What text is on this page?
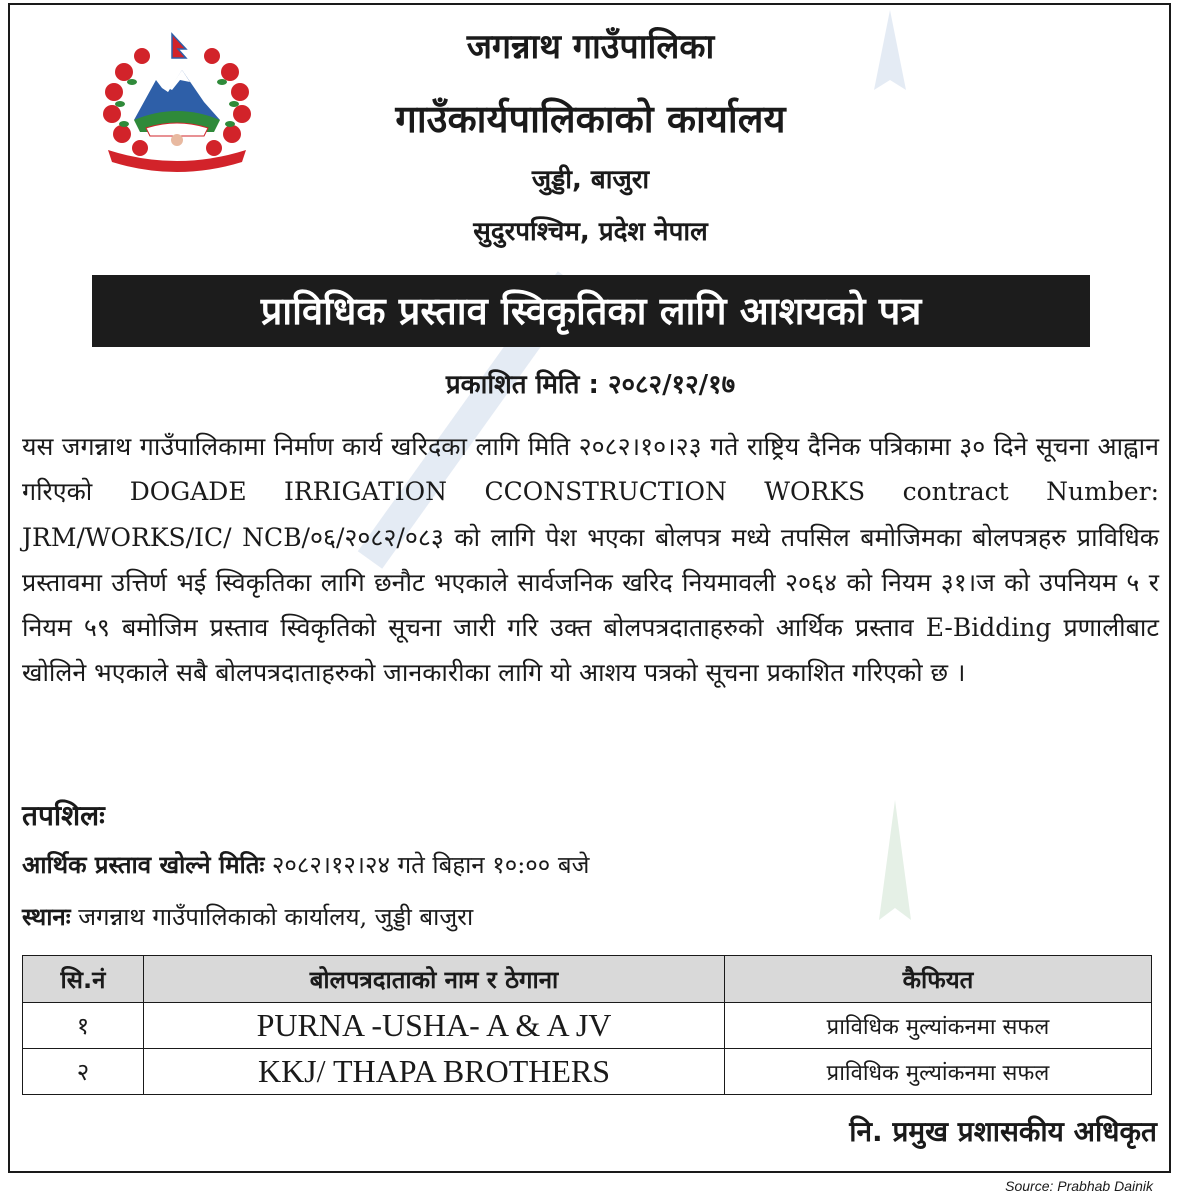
जगन्नाथ गाउँपालिका
गाउँकार्यपालिकाको कार्यालय
जुड्डी, बाजुरा
सुदुरपश्चिम, प्रदेश नेपाल
प्राविधिक प्रस्ताव स्विकृतिका लागि आशयको पत्र
प्रकाशित मिति : २०८२/१२/१७
यस जगन्नाथ गाउँपालिकामा निर्माण कार्य खरिदका लागि मिति २०८२।१०।२३ गते राष्ट्रिय दैनिक पत्रिकामा ३० दिने सूचना आह्वान गरिएको DOGADE IRRIGATION CCONSTRUCTION WORKS contract Number: JRM/WORKS/IC/ NCB/०६/२०८२/०८३ को लागि पेश भएका बोलपत्र मध्ये तपसिल बमोजिमका बोलपत्रहरु प्राविधिक प्रस्तावमा उत्तिर्ण भई स्विकृतिका लागि छनौट भएकाले सार्वजनिक खरिद नियमावली २०६४ को नियम ३१।ज को उपनियम ५ र नियम ५९ बमोजिम प्रस्ताव स्विकृतिको सूचना जारी गरि उक्त बोलपत्रदाताहरुको आर्थिक प्रस्ताव E-Bidding प्रणालीबाट खोलिने भएकाले सबै बोलपत्रदाताहरुको जानकारीका लागि यो आशय पत्रको सूचना प्रकाशित गरिएको छ ।
तपशिलः
आर्थिक प्रस्ताव खोल्ने मितिः २०८२।१२।२४ गते बिहान १०:०० बजे
स्थानः जगन्नाथ गाउँपालिकाको कार्यालय, जुड्डी बाजुरा
सि.नं	बोलपत्रदाताको नाम र ठेगाना	कैफियत
१	PURNA -USHA- A & A JV	प्राविधिक मुल्यांकनमा सफल
२	KKJ/ THAPA BROTHERS	प्राविधिक मुल्यांकनमा सफल
नि. प्रमुख प्रशासकीय अधिकृत
Source: Prabhab Dainik
